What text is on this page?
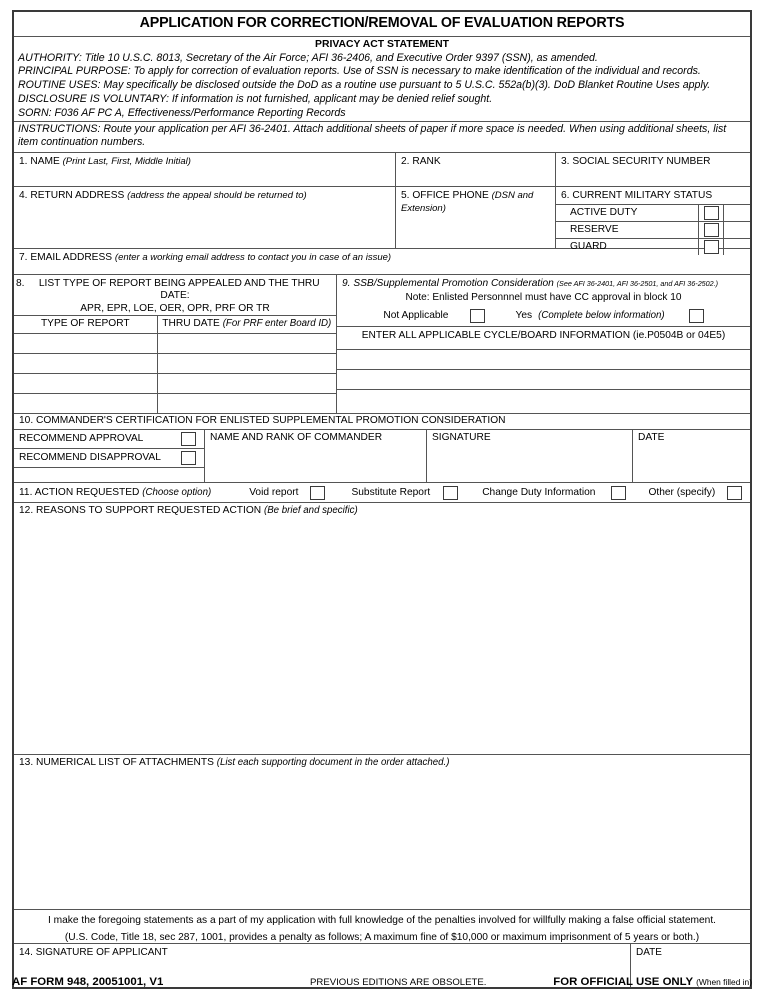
APPLICATION FOR CORRECTION/REMOVAL OF EVALUATION REPORTS
PRIVACY ACT STATEMENT
AUTHORITY: Title 10 U.S.C. 8013, Secretary of the Air Force; AFI 36-2406, and Executive Order 9397 (SSN), as amended.
PRINCIPAL PURPOSE: To apply for correction of evaluation reports. Use of SSN is necessary to make identification of the individual and records.
ROUTINE USES: May specifically be disclosed outside the DoD as a routine use pursuant to 5 U.S.C. 552a(b)(3). DoD Blanket Routine Uses apply.
DISCLOSURE IS VOLUNTARY: If information is not furnished, applicant may be denied relief sought.
SORN: F036 AF PC A, Effectiveness/Performance Reporting Records
INSTRUCTIONS: Route your application per AFI 36-2401. Attach additional sheets of paper if more space is needed. When using additional sheets, list item continuation numbers.
1. NAME (Print Last, First, Middle Initial)	2. RANK	3. SOCIAL SECURITY NUMBER
4. RETURN ADDRESS (address the appeal should be returned to)	5. OFFICE PHONE (DSN and
Extension)
6. CURRENT MILITARY STATUS
ACTIVE DUTY
RESERVE
GUARD
7. EMAIL ADDRESS (enter a working email address to contact you in case of an issue)
8. LIST TYPE OF REPORT BEING APPEALED AND THE THRU DATE:
APR, EPR, LOE, OER, OPR, PRF OR TR
TYPE OF REPORT	THRU DATE (For PRF enter Board ID)
9. SSB/Supplemental Promotion Consideration (See AFI 36-2401, AFI 36-2501, and AFI 36-2502.)
Note: Enlisted Personnnel must have CC approval in block 10
Not Applicable	Yes (Complete below information)
ENTER ALL APPLICABLE CYCLE/BOARD INFORMATION (ie.P0504B or 04E5)
10. COMMANDER'S CERTIFICATION FOR ENLISTED SUPPLEMENTAL PROMOTION CONSIDERATION
RECOMMEND APPROVAL
RECOMMEND DISAPPROVAL
NAME AND RANK OF COMMANDER	SIGNATURE	DATE
11. ACTION REQUESTED (Choose option)	Void report	Substitute Report	Change Duty Information	Other (specify)
12. REASONS TO SUPPORT REQUESTED ACTION (Be brief and specific)
13. NUMERICAL LIST OF ATTACHMENTS (List each supporting document in the order attached.)
I make the foregoing statements as a part of my application with full knowledge of the penalties involved for willfully making a false official statement.
(U.S. Code, Title 18, sec 287, 1001, provides a penalty as follows; A maximum fine of $10,000 or maximum imprisonment of 5 years or both.)
14. SIGNATURE OF APPLICANT	DATE
AF FORM 948, 20051001, V1	PREVIOUS EDITIONS ARE OBSOLETE.	FOR OFFICIAL USE ONLY (When filled in)
